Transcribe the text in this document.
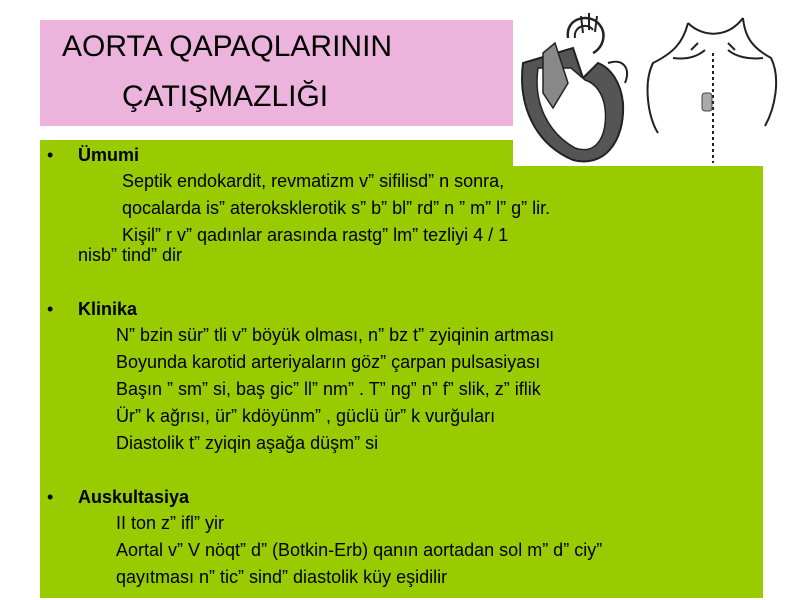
AORTA QAPAQLARININ
ÇATIŞMAZLIĞI
• Ümumi
Septik endokardit, revmatizm v” sifilisd” n sonra,
qocalarda is” ateroksklerotik s” b” bl” rd” n ” m” l” g” lir.
Kişil” r v” qadınlar arasında rastg” lm” tezliyi 4 / 1
nisb” tind” dir
• Klinika
N” bzin sür” tli v” böyük olması, n” bz t” zyiqinin artması
Boyunda karotid arteriyaların göz” çarpan pulsasiyası
Başın ” sm” si, baş gic” ll” nm” . T” ng” n” f” slik, z” iflik
Ür” k ağrısı, ür” kdöyünm” , güclü ür” k vurğuları
Diastolik t” zyiqin aşağa düşm” si
• Auskultasiya
II ton z” ifl” yir
Aortal v” V nöqt” d” (Botkin-Erb) qanın aortadan sol m” d” ciy”
qayıtması n” tic” sind” diastolik küy eşidilir
